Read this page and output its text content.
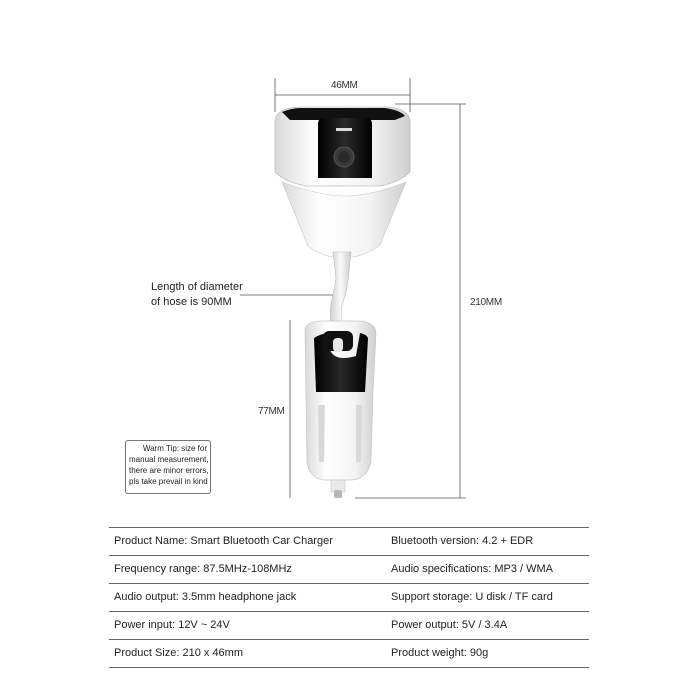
46MM
210MM
77MM
Length of diameter
of hose is 90MM
Warm Tip: size for
manual measurement,
there are minor errors,
pls take prevail in kind
Product Name: Smart Bluetooth Car Charger	Bluetooth version: 4.2 + EDR
Frequency range: 87.5MHz-108MHz	Audio specifications: MP3 / WMA
Audio output: 3.5mm headphone jack	Support storage: U disk / TF card
Power input: 12V ~ 24V	Power output: 5V / 3.4A
Product Size: 210 x 46mm	Product weight: 90g
